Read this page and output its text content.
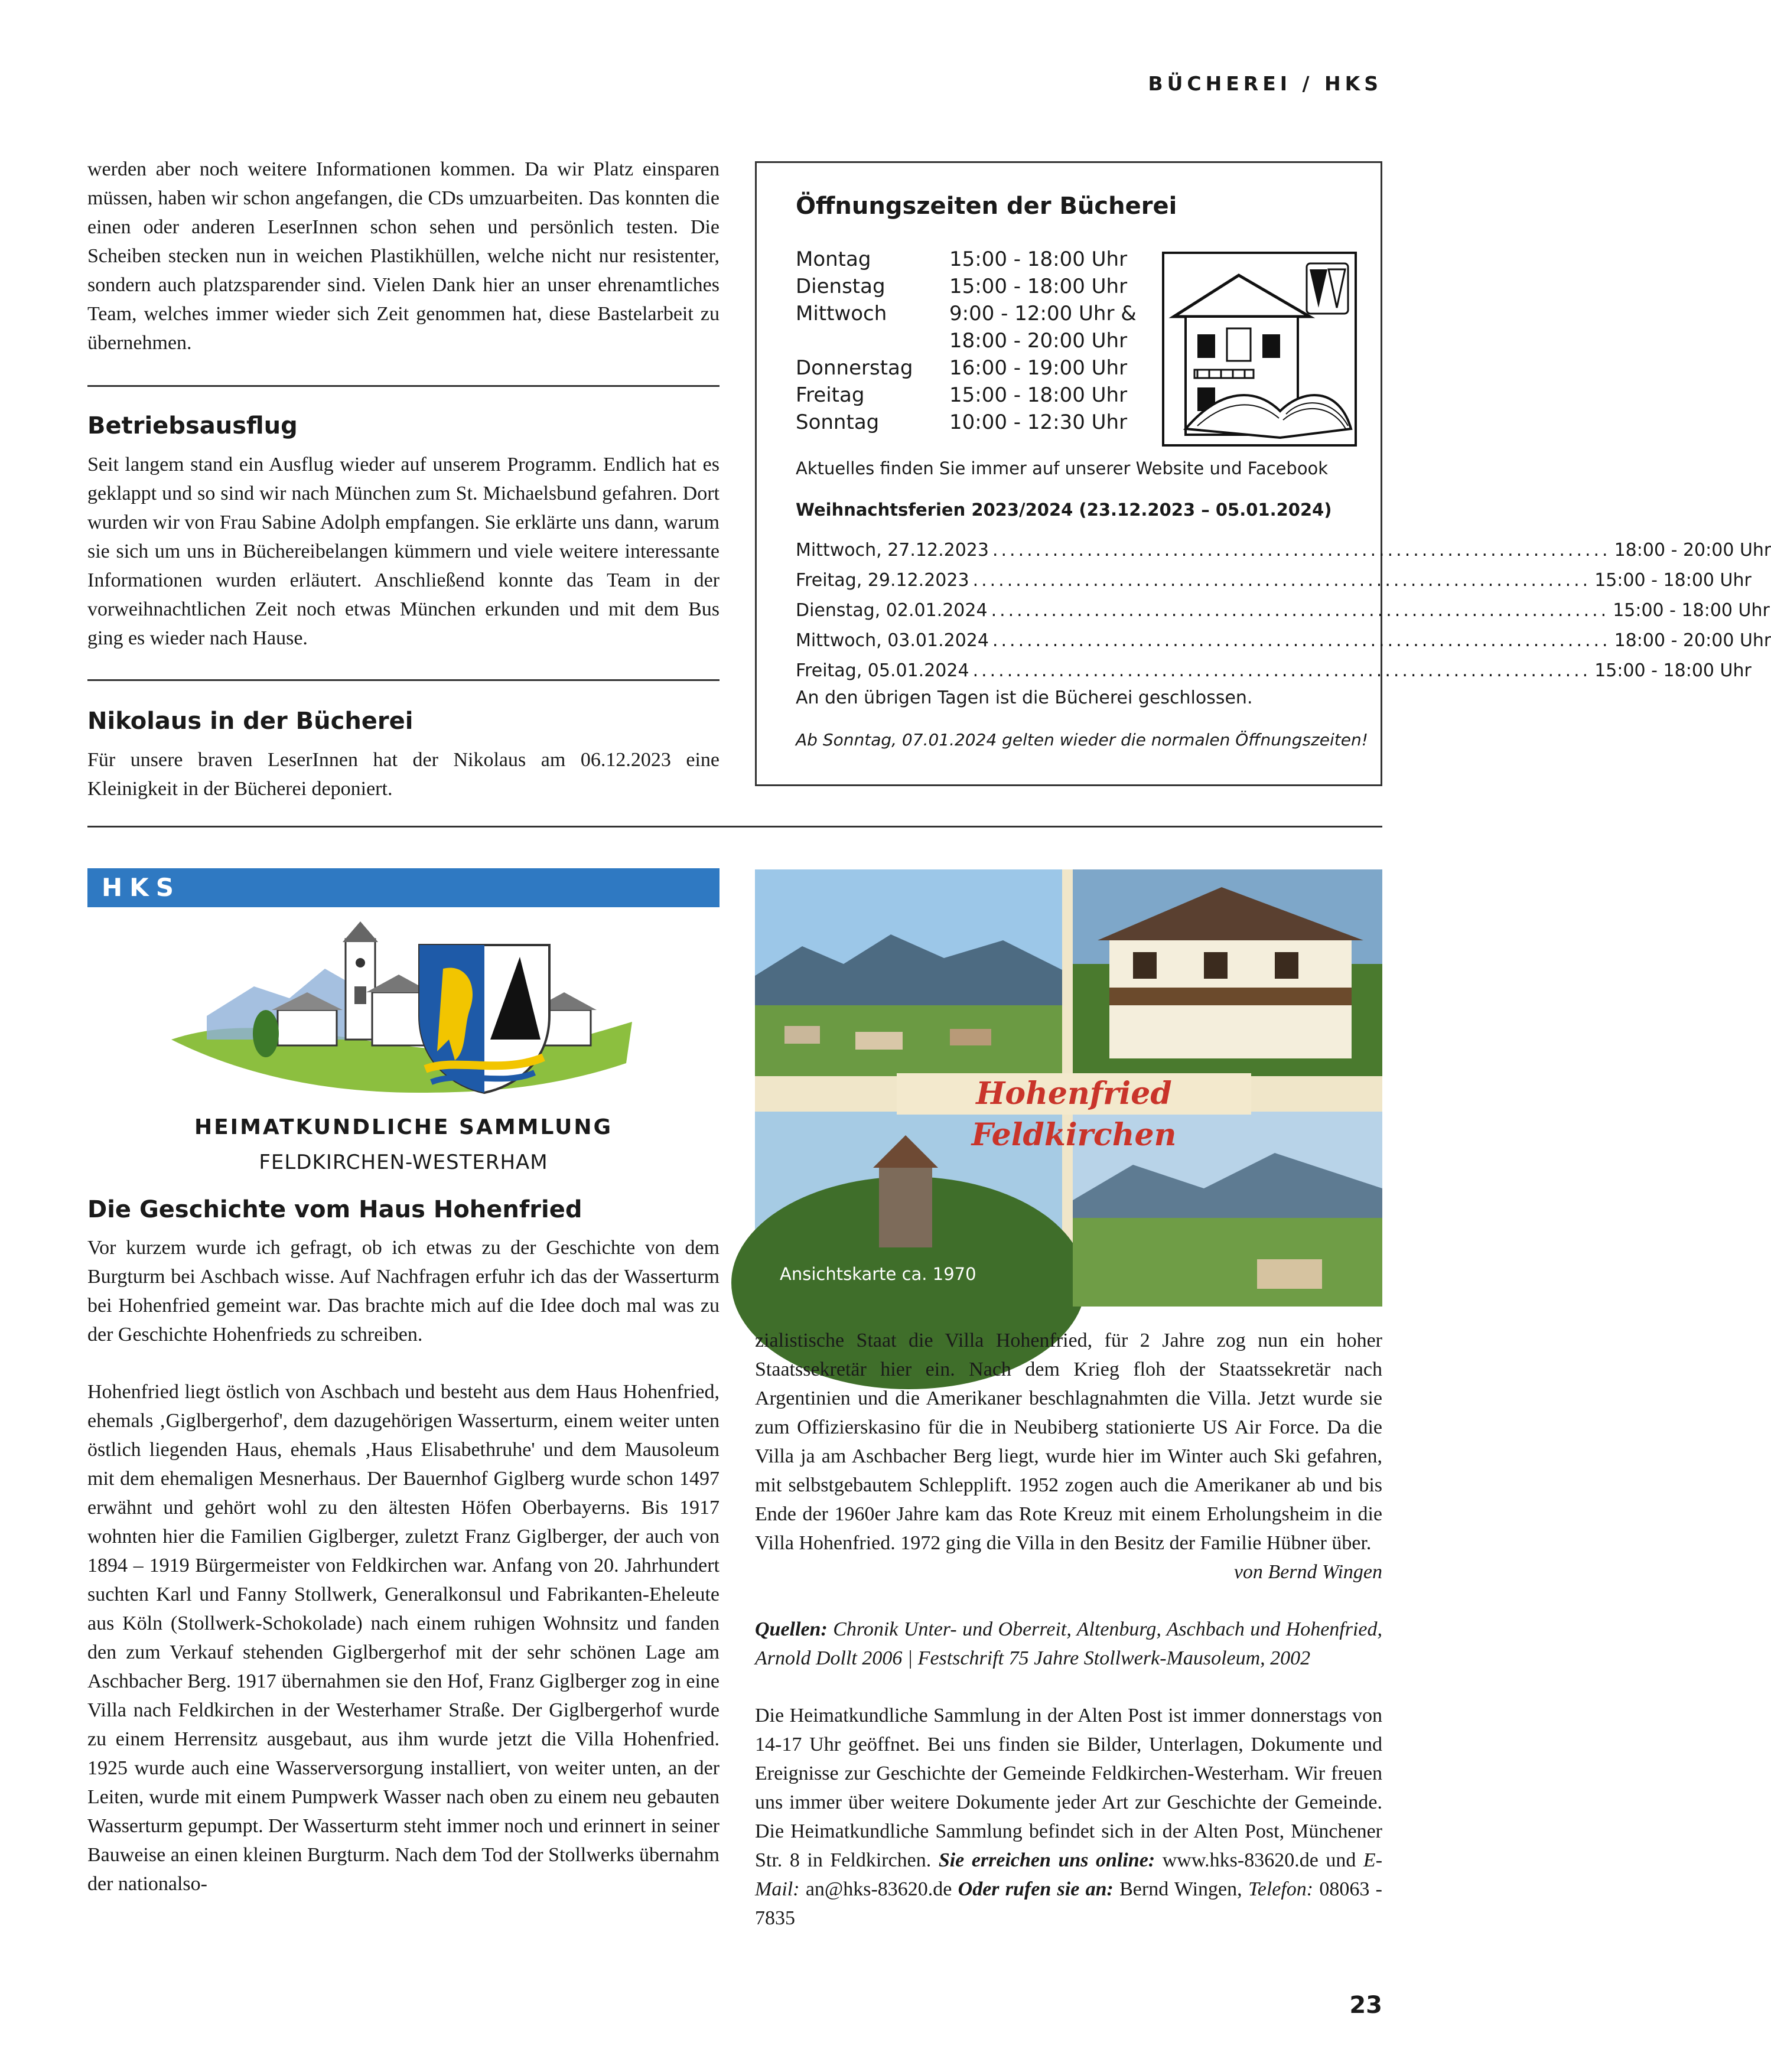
BÜCHEREI / HKS

werden aber noch weitere Informationen kommen. Da wir Platz einsparen müssen, haben wir schon angefangen, die CDs umzuarbeiten. Das konnten die einen oder anderen LeserInnen schon sehen und persönlich testen. Die Scheiben stecken nun in weichen Plastikhüllen, welche nicht nur resistenter, sondern auch platzsparender sind. Vielen Dank hier an unser ehrenamtliches Team, welches immer wieder sich Zeit genommen hat, diese Bastelarbeit zu übernehmen.

Betriebsausflug

Seit langem stand ein Ausflug wieder auf unserem Programm. Endlich hat es geklappt und so sind wir nach München zum St. Michaelsbund gefahren. Dort wurden wir von Frau Sabine Adolph empfangen. Sie erklärte uns dann, warum sie sich um uns in Büchereibelangen kümmern und viele weitere interessante Informationen wurden erläutert. Anschließend konnte das Team in der vorweihnachtlichen Zeit noch etwas München erkunden und mit dem Bus ging es wieder nach Hause.

Nikolaus in der Bücherei

Für unsere braven LeserInnen hat der Nikolaus am 06.12.2023 eine Kleinigkeit in der Bücherei deponiert.

Öffnungszeiten der Bücherei
Montag	15:00 - 18:00 Uhr
Dienstag	15:00 - 18:00 Uhr
Mittwoch	9:00 - 12:00 Uhr &
18:00 - 20:00 Uhr
Donnerstag	16:00 - 19:00 Uhr
Freitag	15:00 - 18:00 Uhr
Sonntag	10:00 - 12:30 Uhr
Aktuelles finden Sie immer auf unserer Website und Facebook
Weihnachtsferien 2023/2024 (23.12.2023 – 05.01.2024)
Mittwoch, 27.12.2023 ........................................................................ 18:00 - 20:00 Uhr
Freitag, 29.12.2023 ........................................................................ 15:00 - 18:00 Uhr
Dienstag, 02.01.2024 ........................................................................ 15:00 - 18:00 Uhr
Mittwoch, 03.01.2024 ........................................................................ 18:00 - 20:00 Uhr
Freitag, 05.01.2024 ........................................................................ 15:00 - 18:00 Uhr
An den übrigen Tagen ist die Bücherei geschlossen.
Ab Sonntag, 07.01.2024 gelten wieder die normalen Öffnungszeiten!
HKS
HEIMATKUNDLICHE SAMMLUNG
FELDKIRCHEN-WESTERHAM
Hohenfried Feldkirchen
Ansichtskarte ca. 1970
Die Geschichte vom Haus Hohenfried

Vor kurzem wurde ich gefragt, ob ich etwas zu der Geschichte von dem Burgturm bei Aschbach wisse. Auf Nachfragen erfuhr ich das der Wasserturm bei Hohenfried gemeint war. Das brachte mich auf die Idee doch mal was zu der Geschichte Hohenfrieds zu schreiben.

Hohenfried liegt östlich von Aschbach und besteht aus dem Haus Hohenfried, ehemals ‚Giglbergerhof', dem dazugehörigen Wasserturm, einem weiter unten östlich liegenden Haus, ehemals ‚Haus Elisabethruhe' und dem Mausoleum mit dem ehemaligen Mesnerhaus. Der Bauernhof Giglberg wurde schon 1497 erwähnt und gehört wohl zu den ältesten Höfen Oberbayerns. Bis 1917 wohnten hier die Familien Giglberger, zuletzt Franz Giglberger, der auch von 1894 – 1919 Bürgermeister von Feldkirchen war. Anfang von 20. Jahrhundert suchten Karl und Fanny Stollwerk, Generalkonsul und Fabrikanten-Eheleute aus Köln (Stollwerk-Schokolade) nach einem ruhigen Wohnsitz und fanden den zum Verkauf stehenden Giglbergerhof mit der sehr schönen Lage am Aschbacher Berg. 1917 übernahmen sie den Hof, Franz Giglberger zog in eine Villa nach Feldkirchen in der Westerhamer Straße. Der Giglbergerhof wurde zu einem Herrensitz ausgebaut, aus ihm wurde jetzt die Villa Hohenfried. 1925 wurde auch eine Wasserversorgung installiert, von weiter unten, an der Leiten, wurde mit einem Pumpwerk Wasser nach oben zu einem neu gebauten Wasserturm gepumpt. Der Wasserturm steht immer noch und erinnert in seiner Bauweise an einen kleinen Burgturm. Nach dem Tod der Stollwerks übernahm der nationalso-

zialistische Staat die Villa Hohenfried, für 2 Jahre zog nun ein hoher Staatssekretär hier ein. Nach dem Krieg floh der Staatssekretär nach Argentinien und die Amerikaner beschlagnahmten die Villa. Jetzt wurde sie zum Offizierskasino für die in Neubiberg stationierte US Air Force. Da die Villa ja am Aschbacher Berg liegt, wurde hier im Winter auch Ski gefahren, mit selbstgebautem Schlepplift. 1952 zogen auch die Amerikaner ab und bis Ende der 1960er Jahre kam das Rote Kreuz mit einem Erholungsheim in die Villa Hohenfried. 1972 ging die Villa in den Besitz der Familie Hübner über.
von Bernd Wingen

Quellen: Chronik Unter- und Oberreit, Altenburg, Aschbach und Hohenfried, Arnold Dollt 2006 | Festschrift 75 Jahre Stollwerk-Mausoleum, 2002

Die Heimatkundliche Sammlung in der Alten Post ist immer donnerstags von 14-17 Uhr geöffnet. Bei uns finden sie Bilder, Unterlagen, Dokumente und Ereignisse zur Geschichte der Gemeinde Feldkirchen-Westerham. Wir freuen uns immer über weitere Dokumente jeder Art zur Geschichte der Gemeinde. Die Heimatkundliche Sammlung befindet sich in der Alten Post, Münchener Str. 8 in Feldkirchen. Sie erreichen uns online: www.hks-83620.de und E-Mail: an@hks-83620.de Oder rufen sie an: Bernd Wingen, Telefon: 08063 - 7835

23
